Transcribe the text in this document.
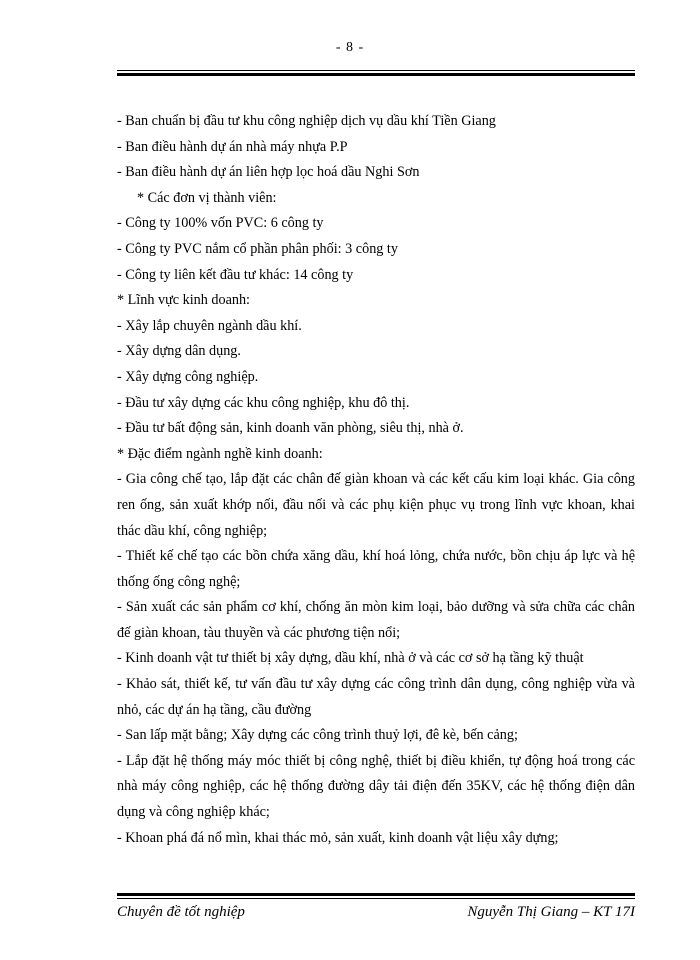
- 8 -

- Ban chuẩn bị đầu tư khu công nghiệp dịch vụ dầu khí Tiền Giang

- Ban điều hành dự án nhà máy nhựa P.P

- Ban điều hành dự án liên hợp lọc hoá dầu Nghi Sơn

* Các đơn vị thành viên:

- Công ty 100% vốn PVC: 6 công ty

- Công ty PVC nắm cổ phần phân phối: 3 công ty

- Công ty liên kết đầu tư khác: 14 công ty

* Lĩnh vực kinh doanh:

- Xây lắp chuyên ngành dầu khí.

- Xây dựng dân dụng.

- Xây dựng công nghiệp.

- Đầu tư xây dựng các khu công nghiệp, khu đô thị.

- Đầu tư bất động sản, kinh doanh văn phòng, siêu thị, nhà ở.

* Đặc điểm ngành nghề kinh doanh:

- Gia công chế tạo, lắp đặt các chân đế giàn khoan và các kết cấu kim loại khác. Gia công ren ống, sản xuất khớp nối, đầu nối và các phụ kiện phục vụ trong lĩnh vực khoan, khai thác dầu khí, công nghiệp;

- Thiết kế chế tạo các bồn chứa xăng dầu, khí hoá lỏng, chứa nước, bồn chịu áp lực và hệ thống ống công nghệ;

- Sản xuất các sản phẩm cơ khí, chống ăn mòn kim loại, bảo dưỡng và sửa chữa các chân đế giàn khoan, tàu thuyền và các phương tiện nổi;

- Kinh doanh vật tư thiết bị xây dựng, dầu khí, nhà ở và các cơ sở hạ tầng kỹ thuật

- Khảo sát, thiết kế, tư vấn đầu tư xây dựng các công trình dân dụng, công nghiệp vừa và nhỏ, các dự án hạ tầng, cầu đường

- San lấp mặt bằng; Xây dựng các công trình thuỷ lợi, đê kè, bến cảng;

- Lắp đặt hệ thống máy móc thiết bị công nghệ, thiết bị điều khiển, tự động hoá trong các nhà máy công nghiệp, các hệ thống đường dây tải điện đến 35KV, các hệ thống điện dân dụng và công nghiệp khác;

- Khoan phá đá nổ mìn, khai thác mỏ, sản xuất, kinh doanh vật liệu xây dựng;

Chuyên đề tốt nghiệp	Nguyễn Thị Giang – KT 17I
